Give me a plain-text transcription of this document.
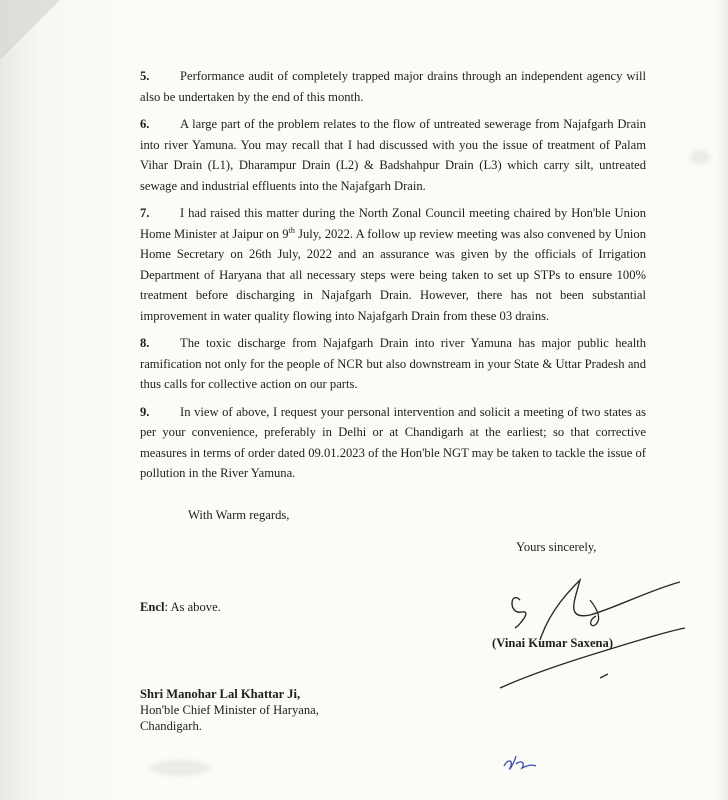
5. Performance audit of completely trapped major drains through an independent agency will also be undertaken by the end of this month.

6. A large part of the problem relates to the flow of untreated sewerage from Najafgarh Drain into river Yamuna. You may recall that I had discussed with you the issue of treatment of Palam Vihar Drain (L1), Dharampur Drain (L2) & Badshahpur Drain (L3) which carry silt, untreated sewage and industrial effluents into the Najafgarh Drain.

7. I had raised this matter during the North Zonal Council meeting chaired by Hon'ble Union Home Minister at Jaipur on 9th July, 2022. A follow up review meeting was also convened by Union Home Secretary on 26th July, 2022 and an assurance was given by the officials of Irrigation Department of Haryana that all necessary steps were being taken to set up STPs to ensure 100% treatment before discharging in Najafgarh Drain. However, there has not been substantial improvement in water quality flowing into Najafgarh Drain from these 03 drains.

8. The toxic discharge from Najafgarh Drain into river Yamuna has major public health ramification not only for the people of NCR but also downstream in your State & Uttar Pradesh and thus calls for collective action on our parts.

9. In view of above, I request your personal intervention and solicit a meeting of two states as per your convenience, preferably in Delhi or at Chandigarh at the earliest; so that corrective measures in terms of order dated 09.01.2023 of the Hon'ble NGT may be taken to tackle the issue of pollution in the River Yamuna.

With Warm regards,
Yours sincerely,
Encl: As above.
(Vinai Kumar Saxena)
Shri Manohar Lal Khattar Ji,
Hon'ble Chief Minister of Haryana,
Chandigarh.
